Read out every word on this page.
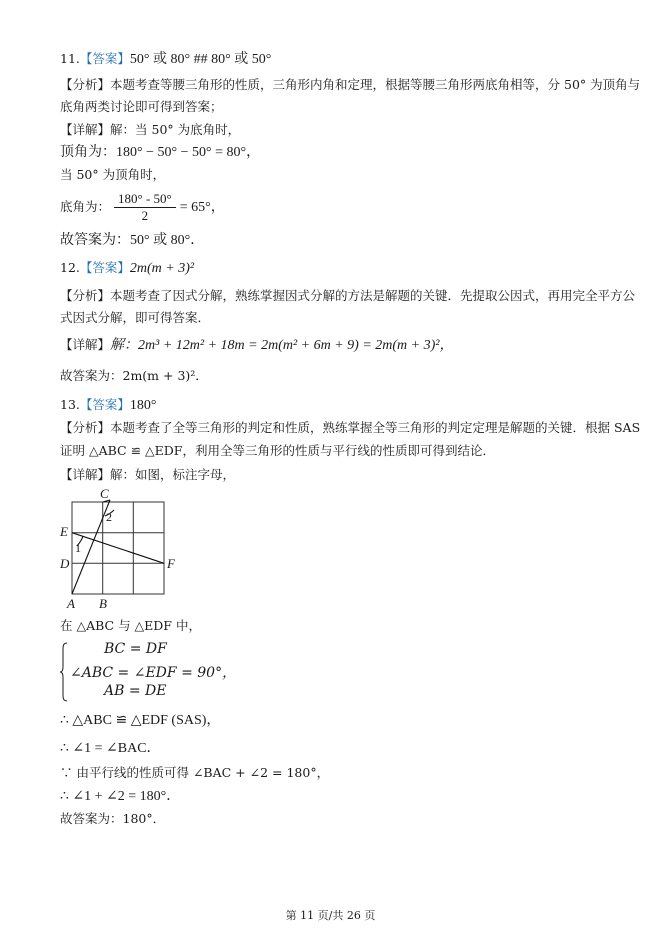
11.【答案】50° 或 80° ## 80° 或 50°
【分析】本题考查等腰三角形的性质，三角形内角和定理，根据等腰三角形两底角相等，分 50° 为顶角与
底角两类讨论即可得到答案；
【详解】解：当 50° 为底角时，
顶角为：180° − 50° − 50° = 80°，
当 50° 为顶角时，
底角为： $\frac{180^\circ - 50^\circ}{2} = 65^\circ$，
故答案为：50° 或 80°．
12.【答案】2m(m + 3)²
【分析】本题考查了因式分解，熟练掌握因式分解的方法是解题的关键．先提取公因式，再用完全平方公
式因式分解，即可得答案．
【详解】解：2m³ + 12m² + 18m = 2m(m² + 6m + 9) = 2m(m + 3)²，
故答案为：2m(m + 3)²．
13.【答案】180°
【分析】本题考查了全等三角形的判定和性质，熟练掌握全等三角形的判定定理是解题的关键．根据 SAS
证明 △ABC ≌ △EDF，利用全等三角形的性质与平行线的性质即可得到结论．
【详解】解：如图，标注字母，
C
2
E
1
D	F
A B
在 △ABC 与 △EDF 中，
BC = DF
∠ABC = ∠EDF = 90°，
AB = DE
∴ △ABC ≌ △EDF (SAS)，
∴ ∠1 = ∠BAC．
∵ 由平行线的性质可得 ∠BAC + ∠2 = 180°，
∴ ∠1 + ∠2 = 180°．
故答案为：180°．
第 11 页/共 26 页
